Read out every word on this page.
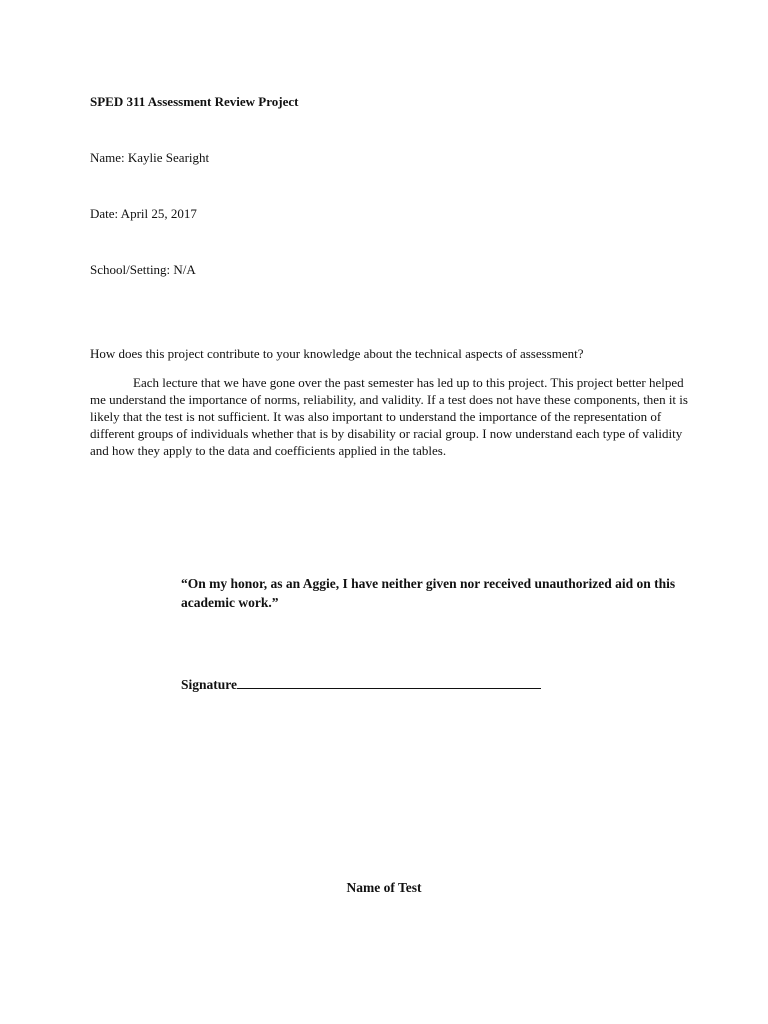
SPED 311 Assessment Review Project
Name: Kaylie Searight
Date: April 25, 2017
School/Setting: N/A
How does this project contribute to your knowledge about the technical aspects of assessment?

Each lecture that we have gone over the past semester has led up to this project. This project better helped me understand the importance of norms, reliability, and validity. If a test does not have these components, then it is likely that the test is not sufficient. It was also important to understand the importance of the representation of different groups of individuals whether that is by disability or racial group. I now understand each type of validity and how they apply to the data and coefficients applied in the tables.

“On my honor, as an Aggie, I have neither given nor received unauthorized aid on this academic work.”

Signature
Name of Test
